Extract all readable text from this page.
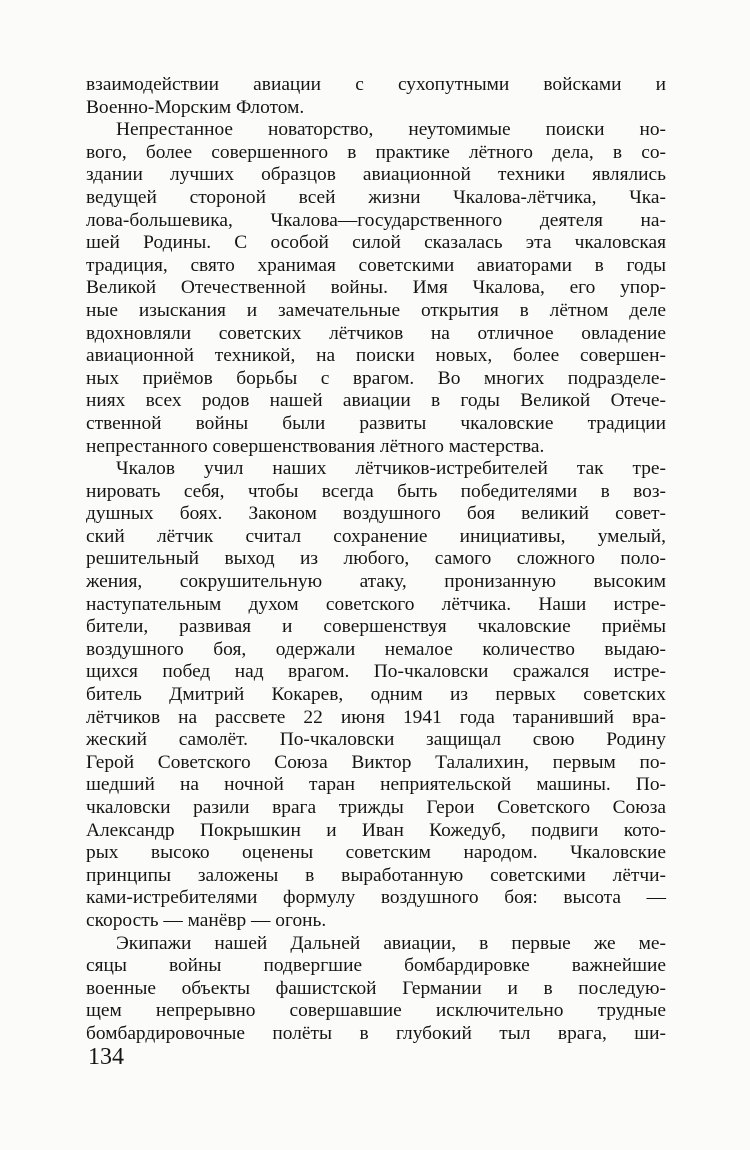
взаимодействии авиации с сухопутными войсками и
Военно-Морским Флотом.
Непрестанное новаторство, неутомимые поиски но-
вого, более совершенного в практике лётного дела, в со-
здании лучших образцов авиационной техники являлись
ведущей стороной всей жизни Чкалова-лётчика, Чка-
лова-большевика, Чкалова—государственного деятеля на-
шей Родины. С особой силой сказалась эта чкаловская
традиция, свято хранимая советскими авиаторами в годы
Великой Отечественной войны. Имя Чкалова, его упор-
ные изыскания и замечательные открытия в лётном деле
вдохновляли советских лётчиков на отличное овладение
авиационной техникой, на поиски новых, более совершен-
ных приёмов борьбы с врагом. Во многих подразделе-
ниях всех родов нашей авиации в годы Великой Отече-
ственной войны были развиты чкаловские традиции
непрестанного совершенствования лётного мастерства.
Чкалов учил наших лётчиков-истребителей так тре-
нировать себя, чтобы всегда быть победителями в воз-
душных боях. Законом воздушного боя великий совет-
ский лётчик считал сохранение инициативы, умелый,
решительный выход из любого, самого сложного поло-
жения, сокрушительную атаку, пронизанную высоким
наступательным духом советского лётчика. Наши истре-
бители, развивая и совершенствуя чкаловские приёмы
воздушного боя, одержали немалое количество выдаю-
щихся побед над врагом. По-чкаловски сражался истре-
битель Дмитрий Кокарев, одним из первых советских
лётчиков на рассвете 22 июня 1941 года таранивший вра-
жеский самолёт. По-чкаловски защищал свою Родину
Герой Советского Союза Виктор Талалихин, первым по-
шедший на ночной таран неприятельской машины. По-
чкаловски разили врага трижды Герои Советского Союза
Александр Покрышкин и Иван Кожедуб, подвиги кото-
рых высоко оценены советским народом. Чкаловские
принципы заложены в выработанную советскими лётчи-
ками-истребителями формулу воздушного боя: высота —
скорость — манёвр — огонь.
Экипажи нашей Дальней авиации, в первые же ме-
сяцы войны подвергшие бомбардировке важнейшие
военные объекты фашистской Германии и в последую-
щем непрерывно совершавшие исключительно трудные
бомбардировочные полёты в глубокий тыл врага, ши-
134
